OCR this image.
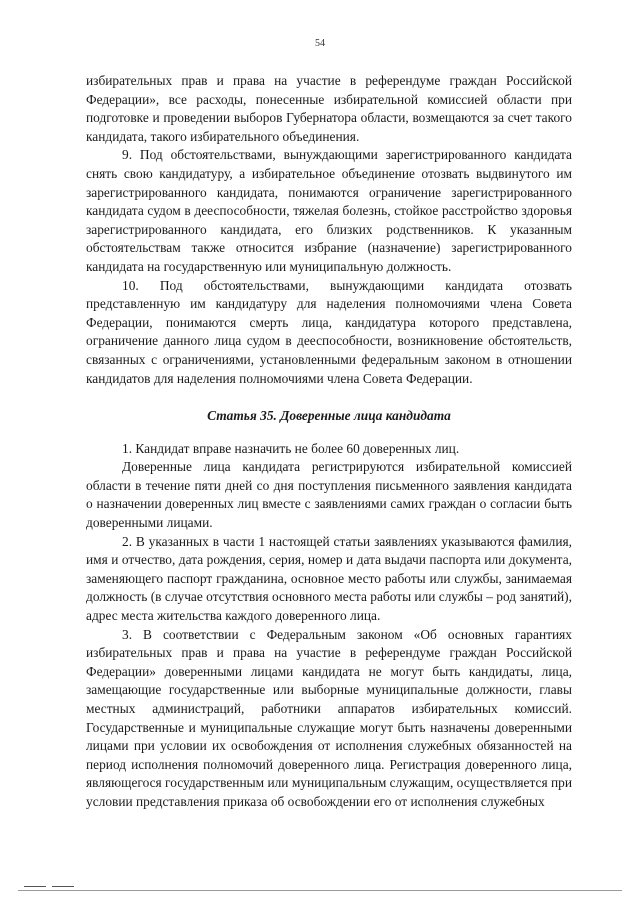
54

избирательных прав и права на участие в референдуме граждан Российской Федерации», все расходы, понесенные избирательной комиссией области при подготовке и проведении выборов Губернатора области, возмещаются за счет такого кандидата, такого избирательного объединения.

9. Под обстоятельствами, вынуждающими зарегистрированного кандидата снять свою кандидатуру, а избирательное объединение отозвать выдвинутого им зарегистрированного кандидата, понимаются ограничение зарегистрированного кандидата судом в дееспособности, тяжелая болезнь, стойкое расстройство здоровья зарегистрированного кандидата, его близких родственников. К указанным обстоятельствам также относится избрание (назначение) зарегистрированного кандидата на государственную или муниципальную должность.

10. Под обстоятельствами, вынуждающими кандидата отозвать представленную им кандидатуру для наделения полномочиями члена Совета Федерации, понимаются смерть лица, кандидатура которого представлена, ограничение данного лица судом в дееспособности, возникновение обстоятельств, связанных с ограничениями, установленными федеральным законом в отношении кандидатов для наделения полномочиями члена Совета Федерации.

Статья 35. Доверенные лица кандидата

1. Кандидат вправе назначить не более 60 доверенных лиц.

Доверенные лица кандидата регистрируются избирательной комиссией области в течение пяти дней со дня поступления письменного заявления кандидата о назначении доверенных лиц вместе с заявлениями самих граждан о согласии быть доверенными лицами.

2. В указанных в части 1 настоящей статьи заявлениях указываются фамилия, имя и отчество, дата рождения, серия, номер и дата выдачи паспорта или документа, заменяющего паспорт гражданина, основное место работы или службы, занимаемая должность (в случае отсутствия основного места работы или службы – род занятий), адрес места жительства каждого доверенного лица.

3. В соответствии с Федеральным законом «Об основных гарантиях избирательных прав и права на участие в референдуме граждан Российской Федерации» доверенными лицами кандидата не могут быть кандидаты, лица, замещающие государственные или выборные муниципальные должности, главы местных администраций, работники аппаратов избирательных комиссий. Государственные и муниципальные служащие могут быть назначены доверенными лицами при условии их освобождения от исполнения служебных обязанностей на период исполнения полномочий доверенного лица. Регистрация доверенного лица, являющегося государственным или муниципальным служащим, осуществляется при условии представления приказа об освобождении его от исполнения служебных
